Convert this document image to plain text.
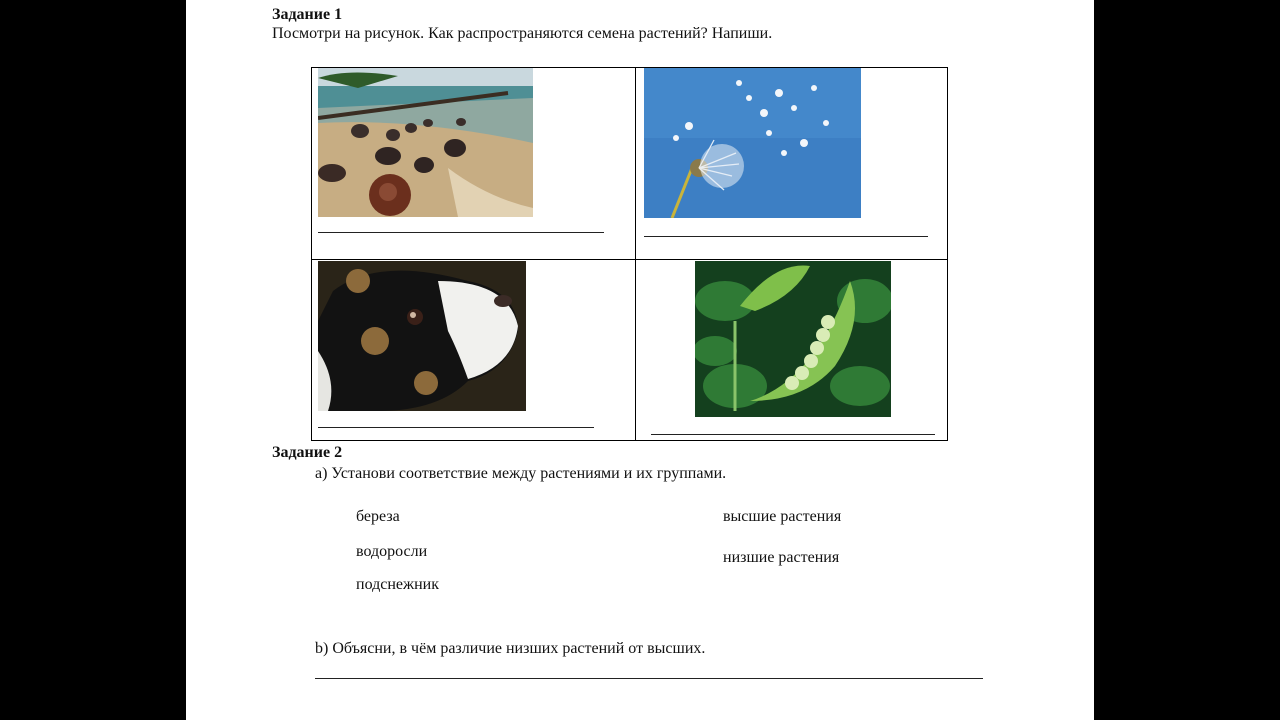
Задание 1
Посмотри на рисунок. Как распространяются семена растений? Напиши.
Задание 2
а) Установи соответствие между растениями и их группами.
береза
водоросли
подснежник
высшие растения
низшие растения
b) Объясни, в чём различие низших растений от высших.
